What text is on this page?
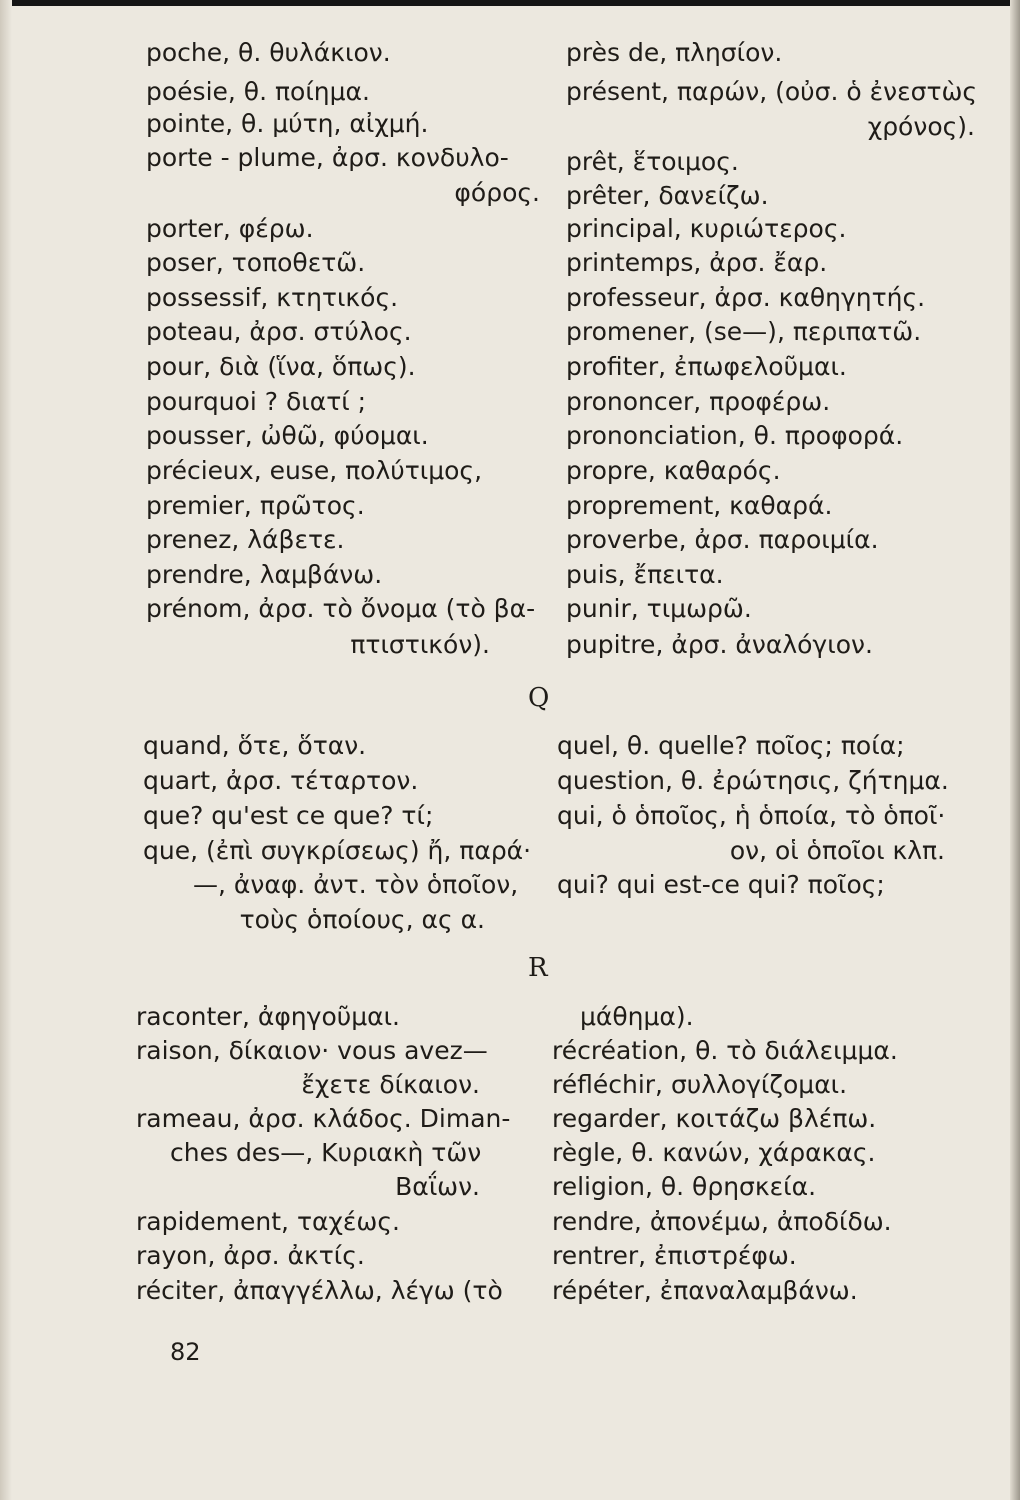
poche, θ. θυλάκιον.
poésie, θ. ποίημα.
pointe, θ. μύτη, αἰχμή.
porte - plume, ἀρσ. κονδυλο-
φόρος.
porter, φέρω.
poser, τοποθετῶ.
possessif, κτητικός.
poteau, ἀρσ. στύλος.
pour, διὰ (ἵνα, ὅπως).
pourquoi ? διατί ;
pousser, ὠθῶ, φύομαι.
précieux, euse, πολύτιμος,
premier, πρῶτος.
prenez, λάβετε.
prendre, λαμβάνω.
prénom, ἀρσ. τὸ ὄνομα (τὸ βα-
πτιστικόν).
près de, πλησίον.
présent, παρών, (οὐσ. ὁ ἐνεστὼς
χρόνος).
prêt, ἕτοιμος.
prêter, δανείζω.
principal, κυριώτερος.
printemps, ἀρσ. ἔαρ.
professeur, ἀρσ. καθηγητής.
promener, (se—), περιπατῶ.
profiter, ἐπωφελοῦμαι.
prononcer, προφέρω.
prononciation, θ. προφορά.
propre, καθαρός.
proprement, καθαρά.
proverbe, ἀρσ. παροιμία.
puis, ἔπειτα.
punir, τιμωρῶ.
pupitre, ἀρσ. ἀναλόγιον.
Q
quand, ὅτε, ὅταν.
quart, ἀρσ. τέταρτον.
que? qu'est ce que? τί;
que, (ἐπὶ συγκρίσεως) ἤ, παρά·
—, ἀναφ. ἀντ. τὸν ὁποῖον,
τοὺς ὁποίους, ας α.
quel, θ. quelle? ποῖος; ποία;
question, θ. ἐρώτησις, ζήτημα.
qui, ὁ ὁποῖος, ἡ ὁποία, τὸ ὁποῖ·
ον, οἱ ὁποῖοι κλπ.
qui? qui est-ce qui? ποῖος;
R
raconter, ἀφηγοῦμαι.
raison, δίκαιον· vous avez—
ἔχετε δίκαιον.
rameau, ἀρσ. κλάδος. Diman-
ches des—, Κυριακὴ τῶν
Βαΐων.
rapidement, ταχέως.
rayon, ἀρσ. ἀκτίς.
réciter, ἀπαγγέλλω, λέγω (τὸ
μάθημα).
récréation, θ. τὸ διάλειμμα.
réfléchir, συλλογίζομαι.
regarder, κοιτάζω βλέπω.
règle, θ. κανών, χάρακας.
religion, θ. θρησκεία.
rendre, ἀπονέμω, ἀποδίδω.
rentrer, ἐπιστρέφω.
répéter, ἐπαναλαμβάνω.
82
